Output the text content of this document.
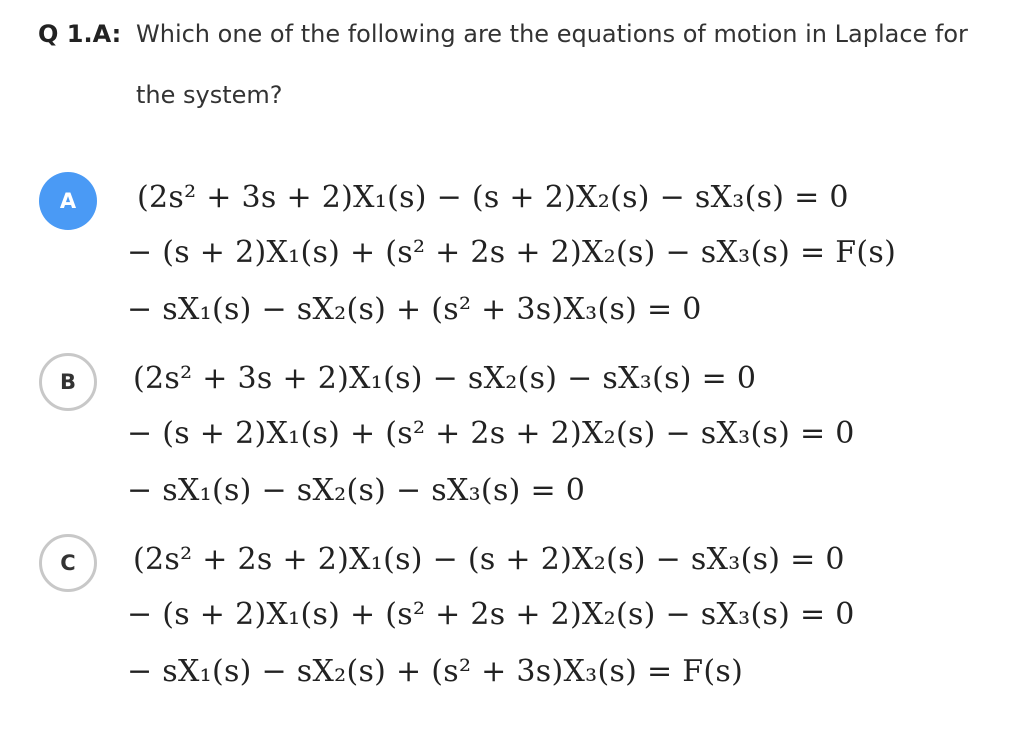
Q 1.A: Which one of the following are the equations of motion in Laplace for
the system?
A	(2s² + 3s + 2)X₁(s) − (s + 2)X₂(s) − sX₃(s) = 0
− (s + 2)X₁(s) + (s² + 2s + 2)X₂(s) − sX₃(s) = F(s)
− sX₁(s) − sX₂(s) + (s² + 3s)X₃(s) = 0
B	(2s² + 3s + 2)X₁(s) − sX₂(s) − sX₃(s) = 0
− (s + 2)X₁(s) + (s² + 2s + 2)X₂(s) − sX₃(s) = 0
− sX₁(s) − sX₂(s) − sX₃(s) = 0
C	(2s² + 2s + 2)X₁(s) − (s + 2)X₂(s) − sX₃(s) = 0
− (s + 2)X₁(s) + (s² + 2s + 2)X₂(s) − sX₃(s) = 0
− sX₁(s) − sX₂(s) + (s² + 3s)X₃(s) = F(s)
